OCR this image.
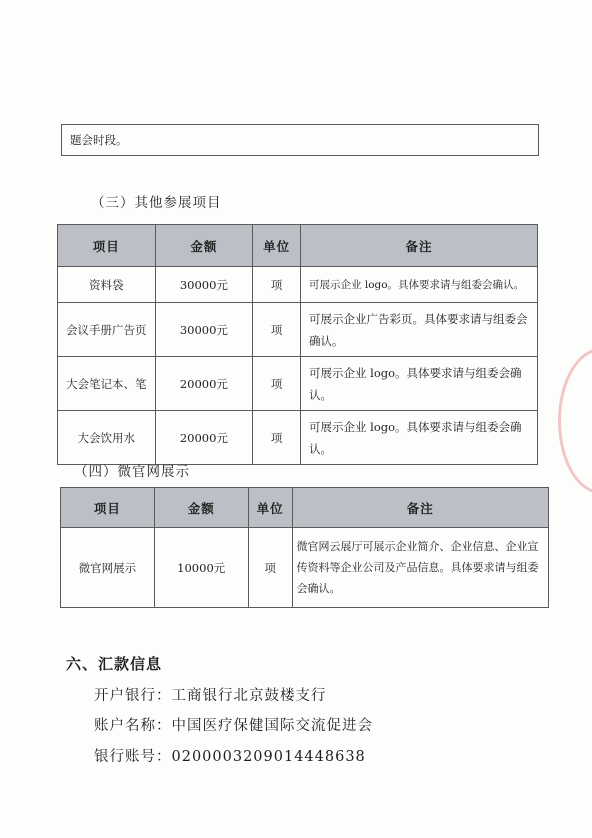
题会时段。
（三）其他参展项目
项目	金额	单位	备注
资料袋	30000元	项	可展示企业 logo。具体要求请与组委会确认。
会议手册广告页	30000元	项	可展示企业广告彩页。具体要求请与组委会确认。
大会笔记本、笔	20000元	项	可展示企业 logo。具体要求请与组委会确认。
大会饮用水	20000元	项	可展示企业 logo。具体要求请与组委会确认。
（四）微官网展示
项目	金额	单位	备注
微官网展示	10000元	项	微官网云展厅可展示企业简介、企业信息、企业宣传资料等企业公司及产品信息。具体要求请与组委会确认。
六、汇款信息
开户银行：工商银行北京鼓楼支行
账户名称：中国医疗保健国际交流促进会
银行账号：0200003209014448638
